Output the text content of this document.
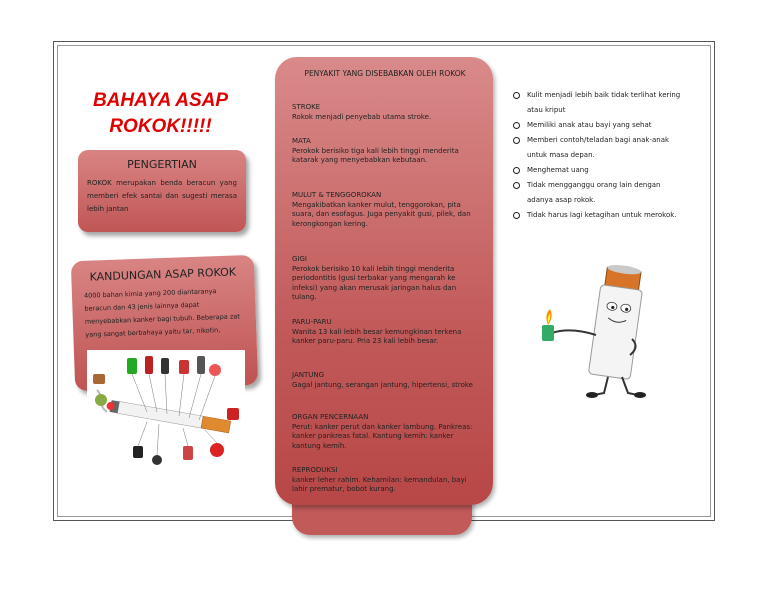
BAHAYA ASAP ROKOK!!!!!
PENGERTIAN
ROKOK merupakan benda beracun yang memberi efek santai dan sugesti merasa lebih jantan
KANDUNGAN ASAP ROKOK
4000 bahan kimia yang 200 diantaranya beracun dan 43 jenis lainnya dapat menyebabkan kanker bagi tubuh. Beberapa zat yang sangat berbahaya yaitu tar, nikotin,
PENYAKIT YANG DISEBABKAN OLEH ROKOK
STROKE
Rokok menjadi penyebab utama stroke.
MATA
Perokok berisiko tiga kali lebih tinggi menderita katarak yang menyebabkan kebutaan.
MULUT & TENGGOROKAN
Mengakibatkan kanker mulut, tenggorokan, pita suara, dan esofagus. Juga penyakit gusi, pilek, dan kerongkongan kering.
GIGI
Perokok berisiko 10 kali lebih tinggi menderita periodontitis (gusi terbakar yang mengarah ke infeksi) yang akan merusak jaringan halus dan tulang.
PARU-PARU
Wanita 13 kali lebih besar kemungkinan terkena kanker paru-paru. Pria 23 kali lebih besar.
JANTUNG
Gagal jantung, serangan jantung, hipertensi, stroke
ORGAN PENCERNAAN
Perut: kanker perut dan kanker lambung. Pankreas: kanker pankreas fatal. Kantung kemih: kanker kantung kemih.
REPRODUKSI
kanker leher rahim. Kehamilan: kemandulan, bayi lahir prematur, bobot kurang.
Kulit menjadi lebih baik tidak terlihat kering atau kriput
Memiliki anak atau bayi yang sehat
Memberi contoh/teladan bagi anak-anak untuk masa depan.
Menghemat uang
Tidak mengganggu orang lain dengan adanya asap rokok.
Tidak harus lagi ketagihan untuk merokok.
